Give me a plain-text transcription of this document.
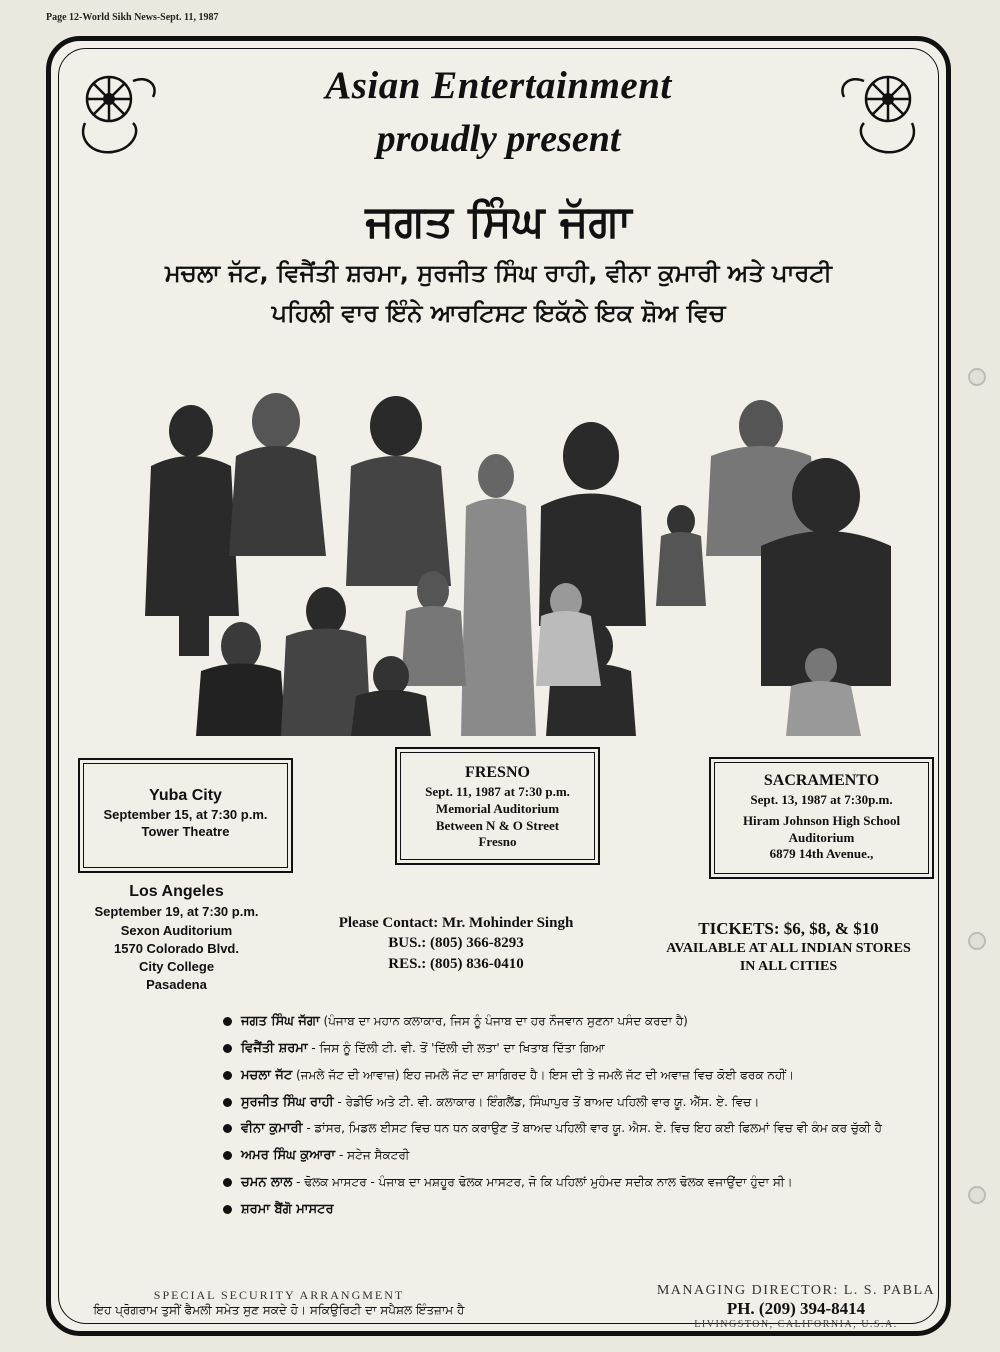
Page 12-World Sikh News-Sept. 11, 1987
Asian Entertainment
proudly present
ਜਗਤ ਸਿੰਘ ਜੱਗਾ
ਮਚਲਾ ਜੱਟ, ਵਿਜੈਂਤੀ ਸ਼ਰਮਾ, ਸੁਰਜੀਤ ਸਿੰਘ ਰਾਹੀ, ਵੀਨਾ ਕੁਮਾਰੀ ਅਤੇ ਪਾਰਟੀ
ਪਹਿਲੀ ਵਾਰ ਇੰਨੇ ਆਰਟਿਸਟ ਇਕੱਠੇ ਇਕ ਸ਼ੋਅ ਵਿਚ
Yuba City
September 15, at 7:30 p.m.
Tower Theatre
FRESNO
Sept. 11, 1987 at 7:30 p.m.
Memorial Auditorium
Between N & O Street
Fresno
SACRAMENTO
Sept. 13, 1987 at 7:30p.m.
Hiram Johnson High School
Auditorium
6879 14th Avenue.,
Los Angeles
September 19, at 7:30 p.m.
Sexon Auditorium
1570 Colorado Blvd.
City College
Pasadena
Please Contact: Mr. Mohinder Singh
BUS.: (805) 366-8293
RES.: (805) 836-0410
TICKETS: $6, $8, & $10
AVAILABLE AT ALL INDIAN STORES
IN ALL CITIES
ਜਗਤ ਸਿੰਘ ਜੱਗਾ (ਪੰਜਾਬ ਦਾ ਮਹਾਨ ਕਲਾਕਾਰ, ਜਿਸ ਨੂੰ ਪੰਜਾਬ ਦਾ ਹਰ ਨੌਜਵਾਨ ਸੁਣਨਾ ਪਸੰਦ ਕਰਦਾ ਹੈ)
ਵਿਜੈਂਤੀ ਸ਼ਰਮਾ - ਜਿਸ ਨੂੰ ਦਿੱਲੀ ਟੀ. ਵੀ. ਤੋਂ 'ਦਿੱਲੀ ਦੀ ਲਤਾ' ਦਾ ਖਿਤਾਬ ਦਿੱਤਾ ਗਿਆ
ਮਚਲਾ ਜੱਟ (ਜਮਲੇ ਜੱਟ ਦੀ ਆਵਾਜ਼) ਇਹ ਜਮਲੇ ਜੱਟ ਦਾ ਸ਼ਾਗਿਰਦ ਹੈ। ਇਸ ਦੀ ਤੇ ਜਮਲੇ ਜੱਟ ਦੀ ਅਵਾਜ਼ ਵਿਚ ਕੋਈ ਫਰਕ ਨਹੀਂ।
ਸੁਰਜੀਤ ਸਿੰਘ ਰਾਹੀ - ਰੇਡੀਓ ਅਤੇ ਟੀ. ਵੀ. ਕਲਾਕਾਰ। ਇੰਗਲੈਂਡ, ਸਿੰਘਾਪੁਰ ਤੋਂ ਬਾਅਦ ਪਹਿਲੀ ਵਾਰ ਯੂ. ਐੱਸ. ਏ. ਵਿਚ।
ਵੀਨਾ ਕੁਮਾਰੀ - ਡਾਂਸਰ, ਮਿਡਲ ਈਸਟ ਵਿਚ ਧਨ ਧਨ ਕਰਾਉਣ ਤੋਂ ਬਾਅਦ ਪਹਿਲੀ ਵਾਰ ਯੂ. ਐਸ. ਏ. ਵਿਚ ਇਹ ਕਈ ਫਿਲਮਾਂ ਵਿਚ ਵੀ ਕੰਮ ਕਰ ਚੁੱਕੀ ਹੈ
ਅਮਰ ਸਿੰਘ ਕੁਆਰਾ - ਸਟੇਜ ਸੈਕਟਰੀ
ਚਮਨ ਲਾਲ - ਢੋਲਕ ਮਾਸਟਰ - ਪੰਜਾਬ ਦਾ ਮਸ਼ਹੂਰ ਢੋਲਕ ਮਾਸਟਰ, ਜੋ ਕਿ ਪਹਿਲਾਂ ਮੁਹੰਮਦ ਸਦੀਕ ਨਾਲ ਢੋਲਕ ਵਜਾਉਂਦਾ ਹੁੰਦਾ ਸੀ।
ਸ਼ਰਮਾ ਬੈਂਗੋ ਮਾਸਟਰ
SPECIAL SECURITY ARRANGMENT
ਇਹ ਪ੍ਰੋਗਰਾਮ ਤੁਸੀਂ ਫੈਮਲੀ ਸਮੇਤ ਸੁਣ ਸਕਦੇ ਹੋ। ਸਕਿਉਰਿਟੀ ਦਾ ਸਪੈਸ਼ਲ ਇੰਤਜ਼ਾਮ ਹੈ
MANAGING DIRECTOR: L. S. PABLA
PH. (209) 394-8414
LIVINGSTON, CALIFORNIA, U.S.A.
